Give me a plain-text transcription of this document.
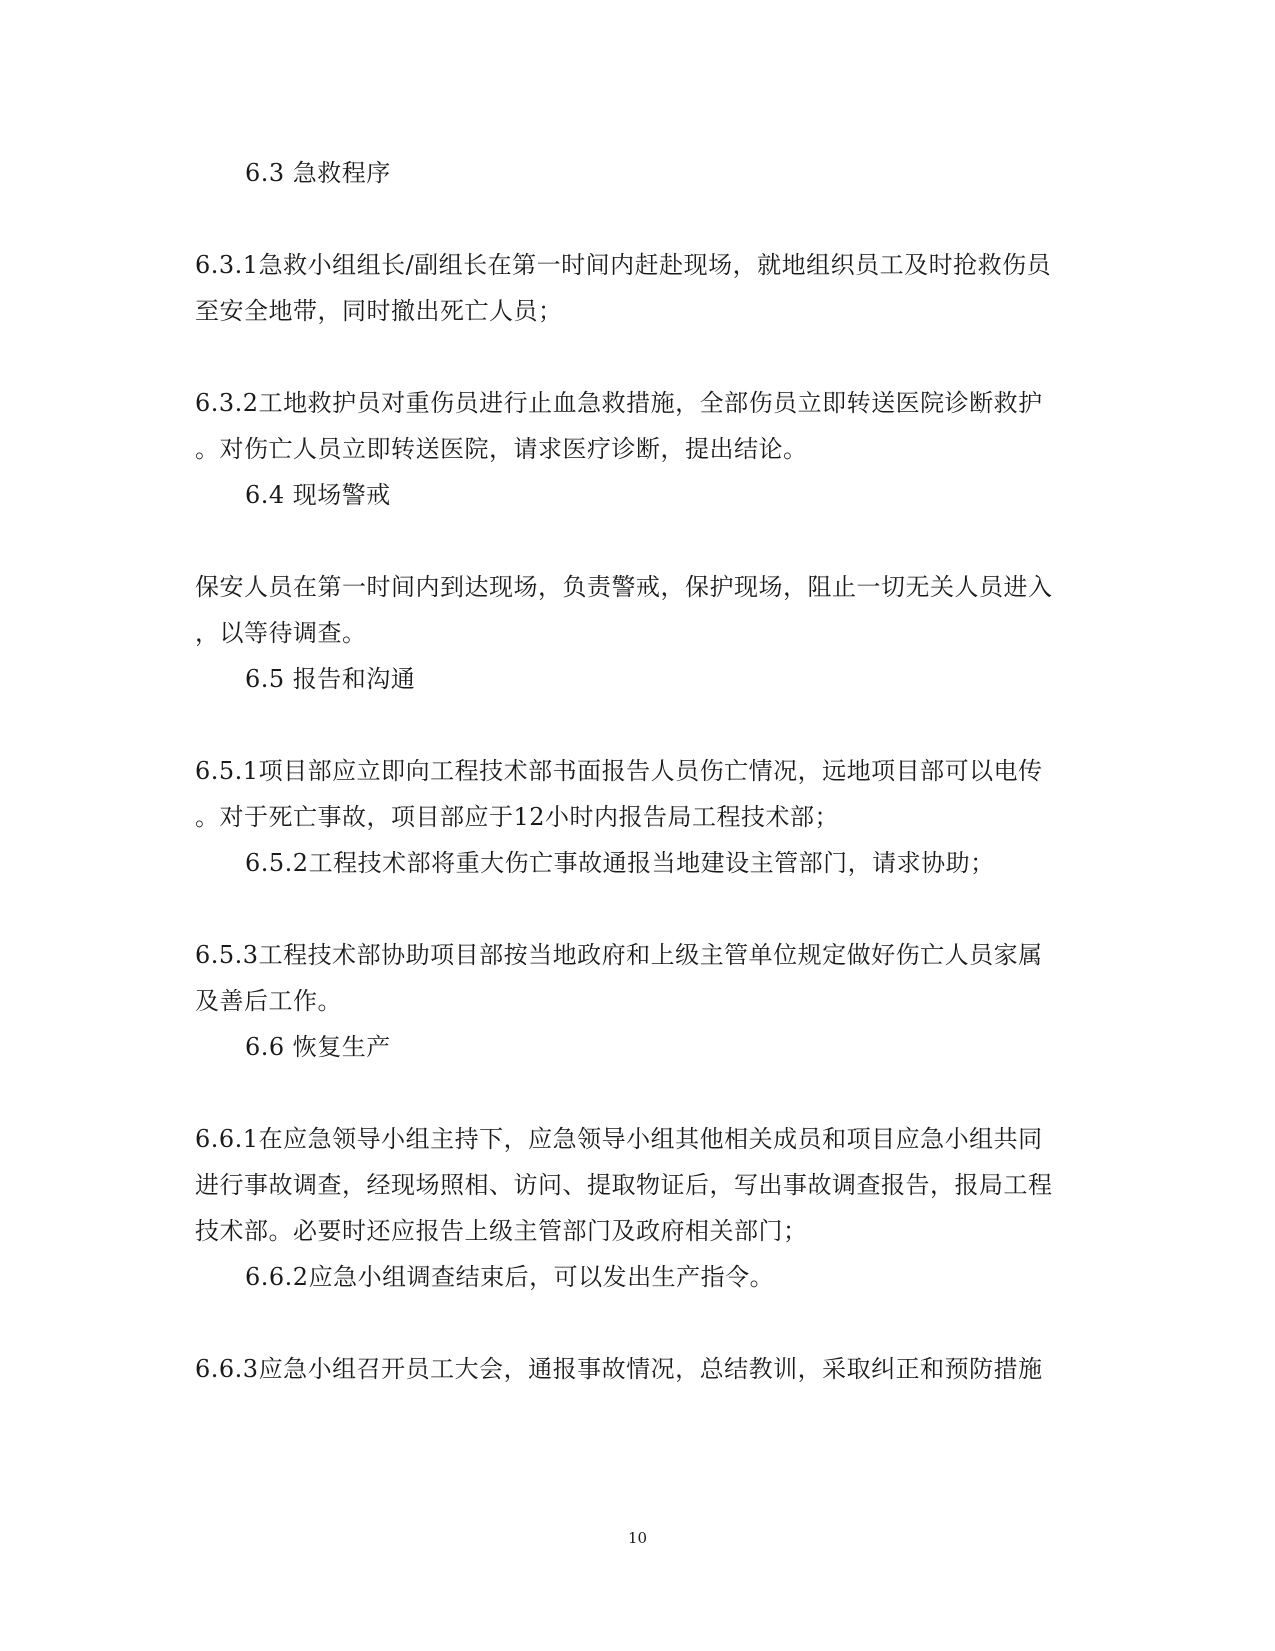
6.3 急救程序
6.3.1急救小组组长/副组长在第一时间内赶赴现场，就地组织员工及时抢救伤员
至安全地带，同时撤出死亡人员；
6.3.2工地救护员对重伤员进行止血急救措施，全部伤员立即转送医院诊断救护
。对伤亡人员立即转送医院，请求医疗诊断，提出结论。
6.4 现场警戒
保安人员在第一时间内到达现场，负责警戒，保护现场，阻止一切无关人员进入
，以等待调查。
6.5 报告和沟通
6.5.1项目部应立即向工程技术部书面报告人员伤亡情况，远地项目部可以电传
。对于死亡事故，项目部应于12小时内报告局工程技术部；
6.5.2工程技术部将重大伤亡事故通报当地建设主管部门，请求协助；
6.5.3工程技术部协助项目部按当地政府和上级主管单位规定做好伤亡人员家属
及善后工作。
6.6 恢复生产
6.6.1在应急领导小组主持下，应急领导小组其他相关成员和项目应急小组共同
进行事故调查，经现场照相、访问、提取物证后，写出事故调查报告，报局工程
技术部。必要时还应报告上级主管部门及政府相关部门；
6.6.2应急小组调查结束后，可以发出生产指令。
6.6.3应急小组召开员工大会，通报事故情况，总结教训，采取纠正和预防措施
10
